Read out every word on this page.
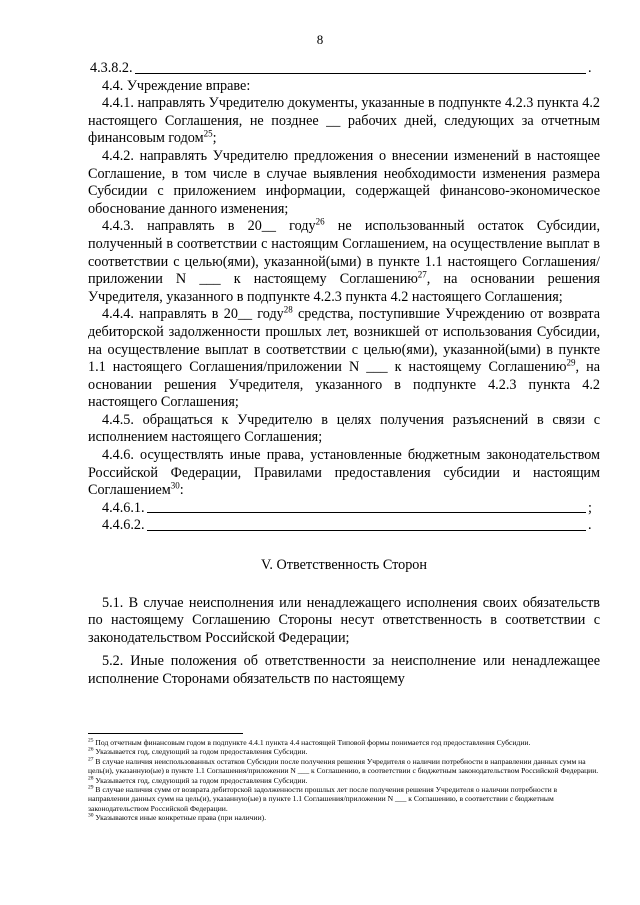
8
4.3.8.2.	.

4.4. Учреждение вправе:

4.4.1. направлять Учредителю документы, указанные в подпункте 4.2.3 пункта 4.2 настоящего Соглашения, не позднее __ рабочих дней, следующих за отчетным финансовым годом$^{25}$;

4.4.2. направлять Учредителю предложения о внесении изменений в настоящее Соглашение, в том числе в случае выявления необходимости изменения размера Субсидии с приложением информации, содержащей финансово-экономическое обоснование данного изменения;

4.4.3. направлять в 20__ году$^{26}$ не использованный остаток Субсидии, полученный в соответствии с настоящим Соглашением, на осуществление выплат в соответствии с целью(ями), указанной(ыми) в пункте 1.1 настоящего Соглашения/приложении N ___ к настоящему Соглашению$^{27}$, на основании решения Учредителя, указанного в подпункте 4.2.3 пункта 4.2 настоящего Соглашения;

4.4.4. направлять в 20__ году$^{28}$ средства, поступившие Учреждению от возврата дебиторской задолженности прошлых лет, возникшей от использования Субсидии, на осуществление выплат в соответствии с целью(ями), указанной(ыми) в пункте 1.1 настоящего Соглашения/приложении N ___ к настоящему Соглашению$^{29}$, на основании решения Учредителя, указанного в подпункте 4.2.3 пункта 4.2 настоящего Соглашения;

4.4.5. обращаться к Учредителю в целях получения разъяснений в связи с исполнением настоящего Соглашения;

4.4.6. осуществлять иные права, установленные бюджетным законодательством Российской Федерации, Правилами предоставления субсидии и настоящим Соглашением$^{30}$:

4.4.6.1.	;
4.4.6.2.	.

V. Ответственность Сторон

5.1. В случае неисполнения или ненадлежащего исполнения своих обязательств по настоящему Соглашению Стороны несут ответственность в соответствии с законодательством Российской Федерации;

5.2. Иные положения об ответственности за неисполнение или ненадлежащее исполнение Сторонами обязательств по настоящему

$^{25}$ Под отчетным финансовым годом в подпункте 4.4.1 пункта 4.4 настоящей Типовой формы понимается год предоставления Субсидии.

$^{26}$ Указывается год, следующий за годом предоставления Субсидии.

$^{27}$ В случае наличия неиспользованных остатков Субсидии после получения решения Учредителя о наличии потребности в направлении данных сумм на цель(и), указанную(ые) в пункте 1.1 Соглашения/приложении N ___ к Соглашению, в соответствии с бюджетным законодательством Российской Федерации.

$^{28}$ Указывается год, следующий за годом предоставления Субсидии.

$^{29}$ В случае наличия сумм от возврата дебиторской задолженности прошлых лет после получения решения Учредителя о наличии потребности в направлении данных сумм на цель(и), указанную(ые) в пункте 1.1 Соглашения/приложении N ___ к Соглашению, в соответствии с бюджетным законодательством Российской Федерации.

$^{30}$ Указываются иные конкретные права (при наличии).
